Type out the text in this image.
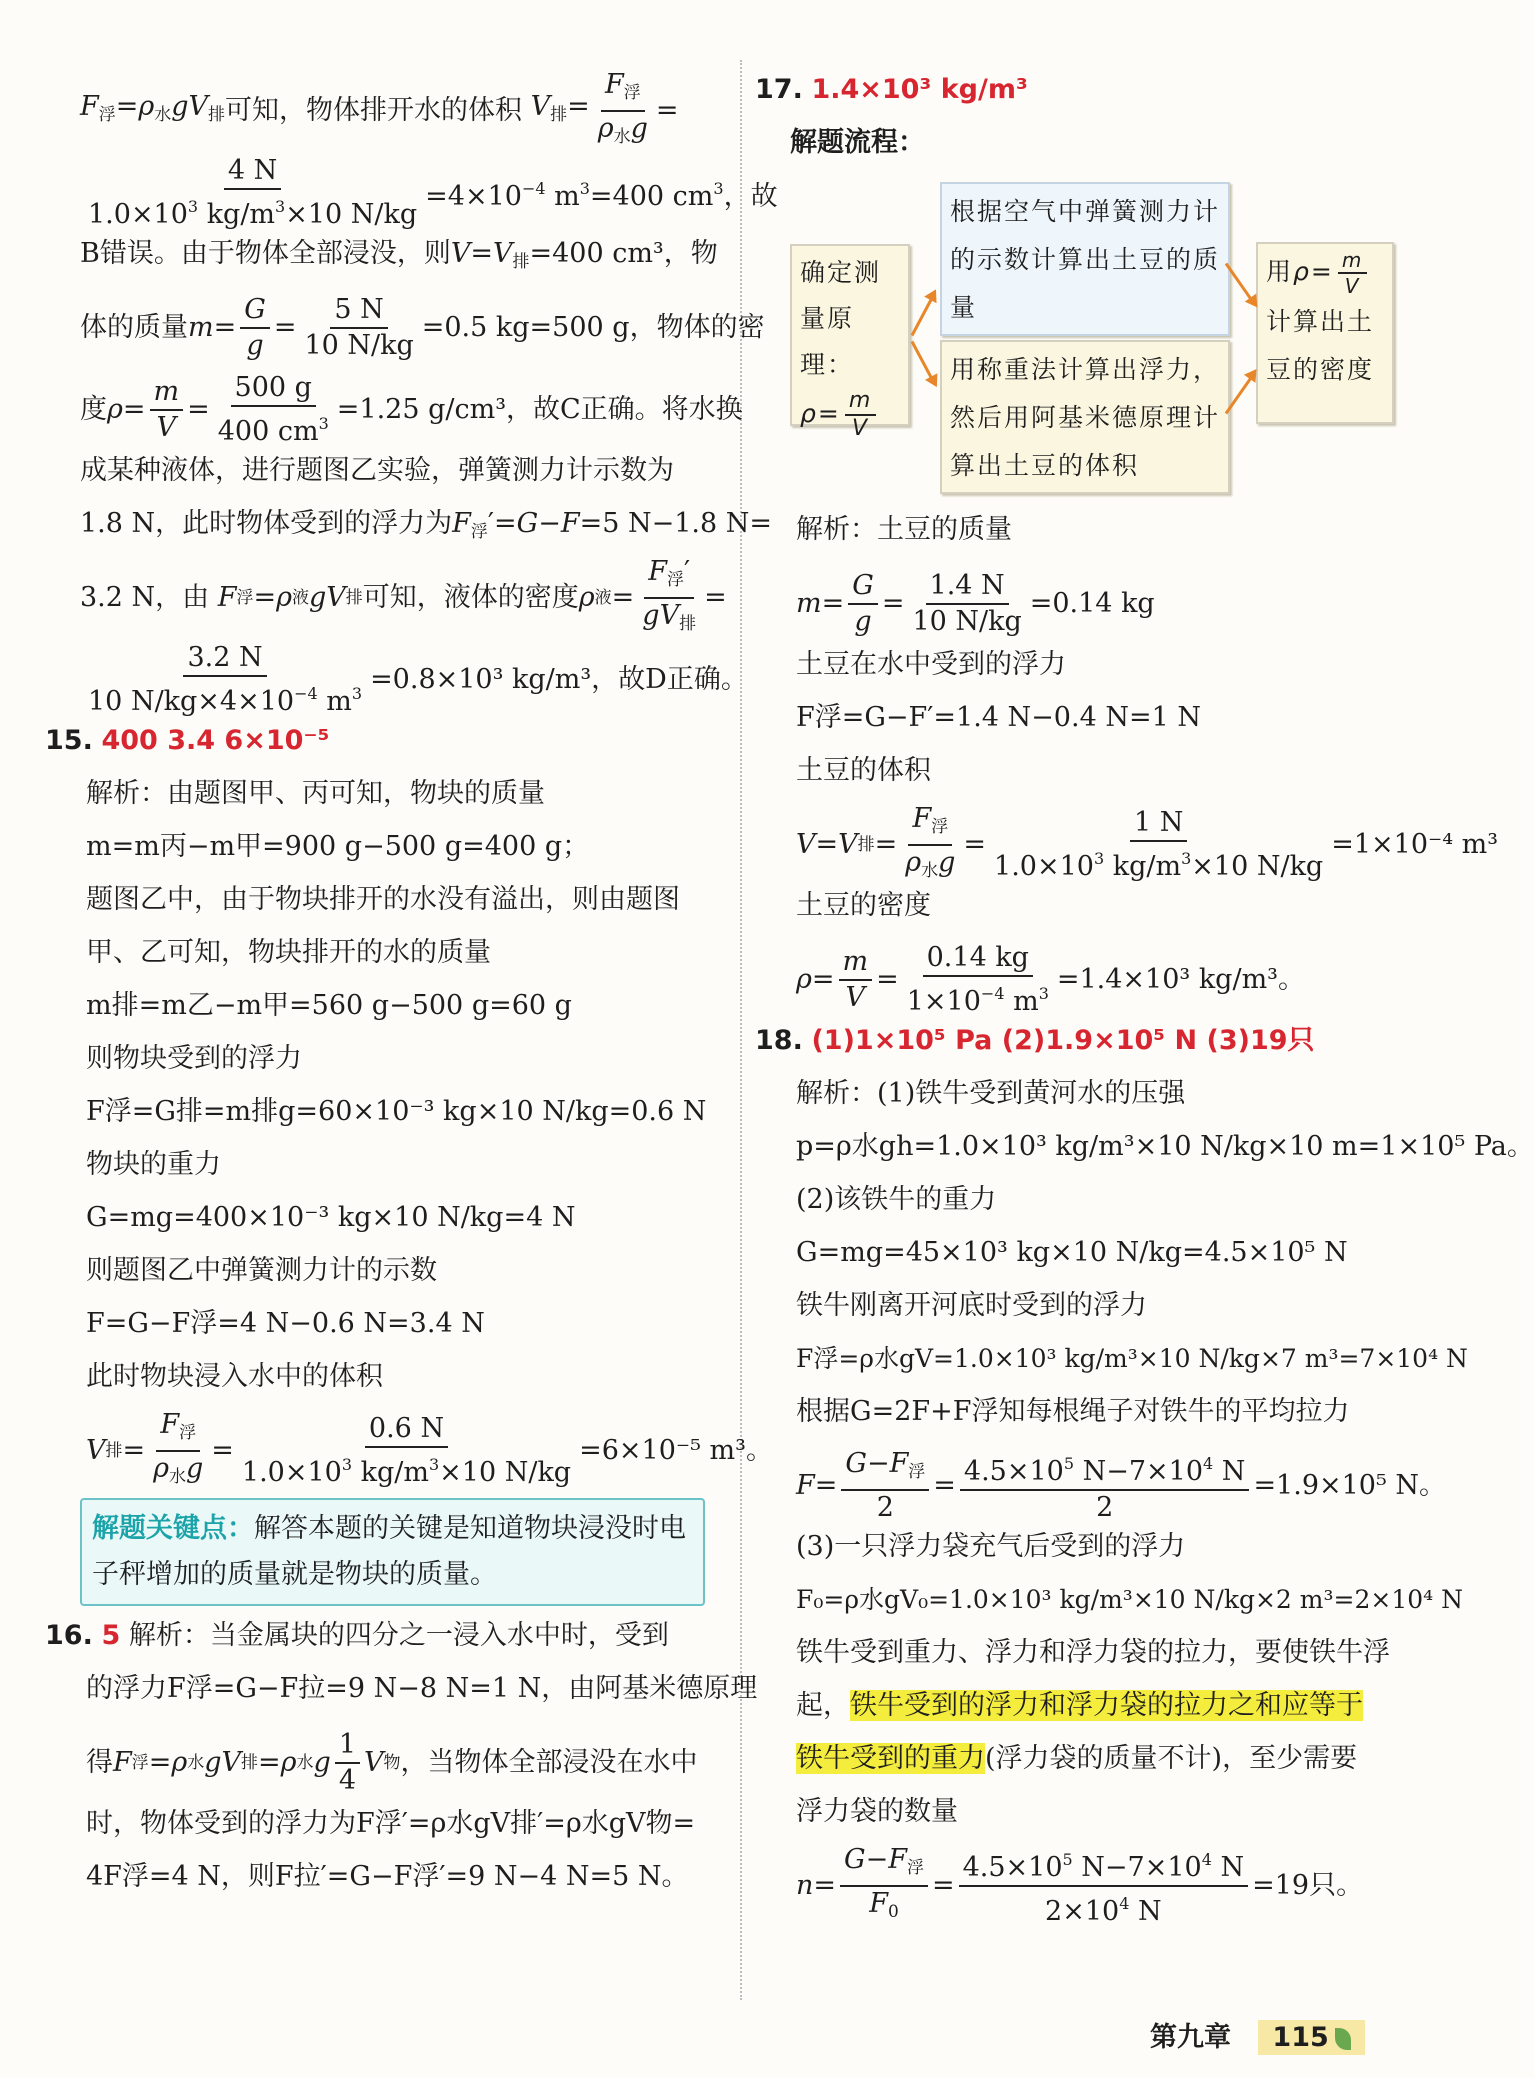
$F_浮=\rho_水gV_排$ 可知，物体排开水的体积 $V_排= \frac{F_浮}{\rho_水g}$ =
$\frac{4 N}{1.0\times 10^3 kg/m^3\times 10 N/kg} =4\times 10^{-4}$ $m^3=400$ $cm^3$，故
B错误。由于物体全部浸没，则$V=V_排=400$ cm³，物
体的质量 $m = \frac{G}{g} = \frac{5 N}{10 N/kg} =0.5$ kg=500 g，物体的密
度 $\rho = \frac{m}{V} = \frac{500 g}{400 cm^3} =1.25$ g/cm³，故C正确。将水换
成某种液体，进行题图乙实验，弹簧测力计示数为
1.8 N，此时物体受到的浮力为$F_浮'=G-F=5$ N−1.8 N=
3.2 N，由
F 浮 = ρ 液 gV 排 可知，液体的密度 ρ 液 = $\frac{F_浮'}{gV_排}$ =
$\frac{3.2 N}{10 N/kg\times 4\times 10^{-4} m^3} =0.8\times 10^3$ kg/m³，故D正确。
15. 400 3.4 6×10⁻⁵
解析：由题图甲、丙可知，物块的质量
m=m丙−m甲=900 g−500 g=400 g；
题图乙中，由于物块排开的水没有溢出，则由题图
甲、乙可知，物块排开的水的质量
m排=m乙−m甲=560 g−500 g=60 g
则物块受到的浮力
F浮=G排=m排g=60×10⁻³ kg×10 N/kg=0.6 N
物块的重力
G=mg=400×10⁻³ kg×10 N/kg=4 N
则题图乙中弹簧测力计的示数
F=G−F浮=4 N−0.6 N=3.4 N
此时物块浸入水中的体积
V 排 = $\frac{F_浮}{\rho_水g} = \frac{0.6 N}{1.0\times 10^3 kg/m^3\times 10 N/kg} =6\times 10^{-5}$ m³。
解题关键点：解答本题的关键是知道物块浸没时电子秤增加的质量就是物块的质量。
16. 5 解析：当金属块的四分之一浸入水中时，受到
的浮力F浮=G−F拉=9 N−8 N=1 N，由阿基米德原理
得 F 浮 = ρ 水 gV 排 = ρ 水 g $\frac{1}{4}$ V 物 ，当物体全部浸没在水中
时，物体受到的浮力为F浮′=ρ水gV排′=ρ水gV物=
4F浮=4 N，则F拉′=G−F浮′=9 N−4 N=5 N。
17. 1.4×10³ kg/m³
解题流程：
确定测量原理：
$\rho= \frac{m}{V}$
根据空气中弹簧测力计的示数计算出土豆的质量
用称重法计算出浮力，然后用阿基米德原理计算出土豆的体积
用$\rho= \frac{m}{V}$
计算出土豆的密度
解析：土豆的质量
$m = \frac{G}{g} = \frac{1.4 N}{10 N/kg} =0.14$ kg
土豆在水中受到的浮力
F浮=G−F′=1.4 N−0.4 N=1 N
土豆的体积
V = V 排 = $\frac{F_浮}{\rho_水g} = \frac{1 N}{1.0\times 10^3 kg/m^3\times 10 N/kg} =1\times 10^{-4}$ m³
土豆的密度
$\rho = \frac{m}{V} = \frac{0.14 kg}{1\times 10^{-4} m^3} =1.4\times 10^3$ kg/m³。
18. (1)1×10⁵ Pa (2)1.9×10⁵ N (3)19只
解析：(1)铁牛受到黄河水的压强
p=ρ水gh=1.0×10³ kg/m³×10 N/kg×10 m=1×10⁵ Pa。
(2)该铁牛的重力
G=mg=45×10³ kg×10 N/kg=4.5×10⁵ N
铁牛刚离开河底时受到的浮力
F浮=ρ水gV=1.0×10³ kg/m³×10 N/kg×7 m³=7×10⁴ N
根据G=2F+F浮知每根绳子对铁牛的平均拉力
$F = \frac{G-F_浮}{2} = \frac{4.5\times 10^5 N-7\times 10^4 N}{2} =1.9\times 10^5$ N。
(3)一只浮力袋充气后受到的浮力
F₀=ρ水gV₀=1.0×10³ kg/m³×10 N/kg×2 m³=2×10⁴ N
铁牛受到重力、浮力和浮力袋的拉力，要使铁牛浮
起，铁牛受到的浮力和浮力袋的拉力之和应等于
铁牛受到的重力(浮力袋的质量不计)，至少需要
浮力袋的数量
$n = \frac{G-F_浮}{F_0} = \frac{4.5\times 10^5 N-7\times 10^4 N}{2\times 10^4 N} =19$只。
第九章 115
